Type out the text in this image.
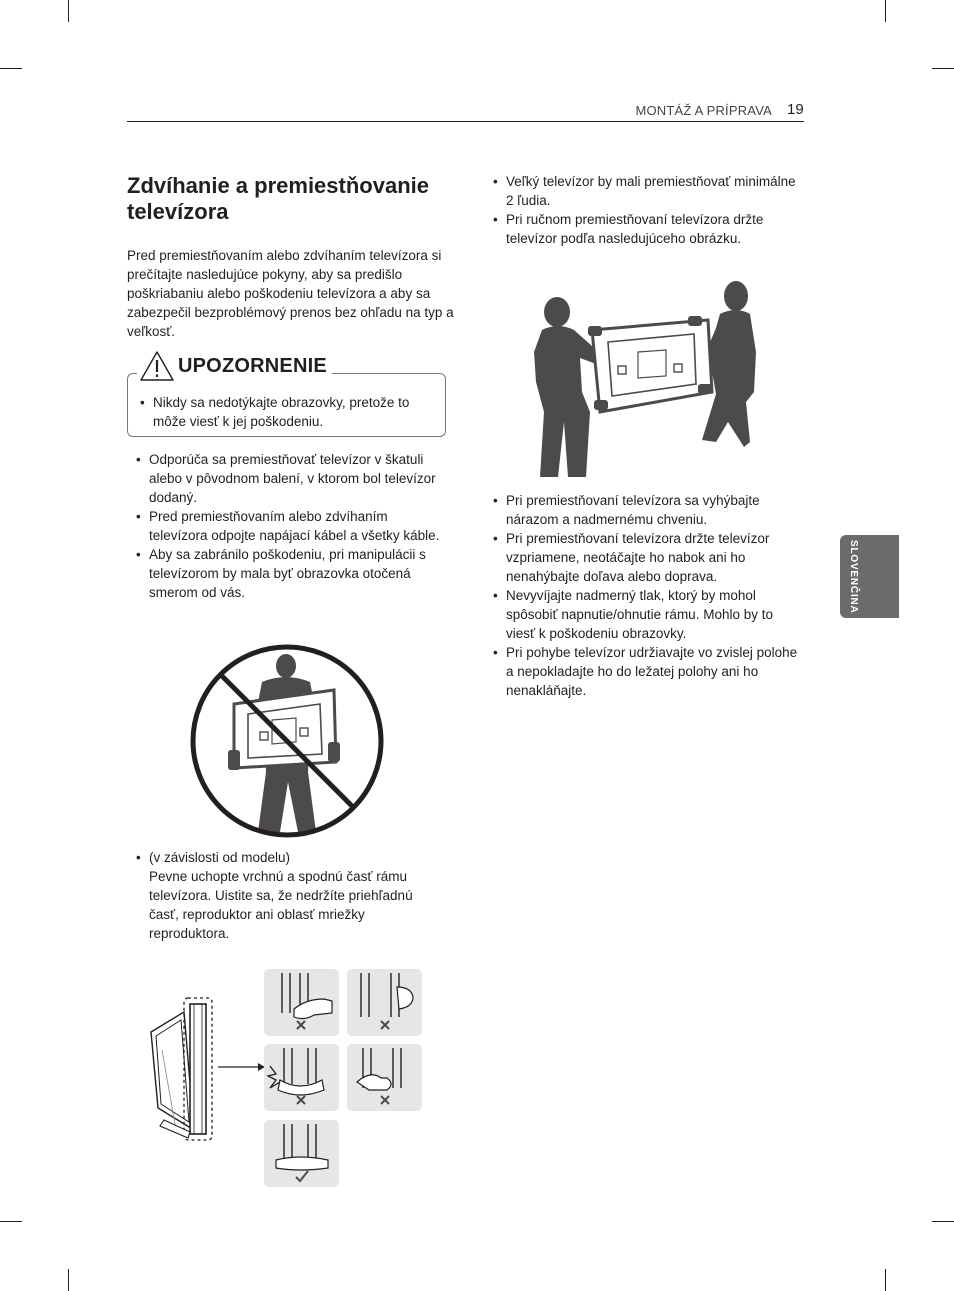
MONTÁŽ A PRÍPRAVA 19
Zdvíhanie a premiestňovanie televízora

Pred premiestňovaním alebo zdvíhaním televízora si prečítajte nasledujúce pokyny, aby sa predišlo poškriabaniu alebo poškodeniu televízora a aby sa zabezpečil bezproblémový prenos bez ohľadu na typ a veľkosť.

UPOZORNENIE
• Nikdy sa nedotýkajte obrazovky, pretože to môže viesť k jej poškodeniu.
• Odporúča sa premiestňovať televízor v škatuli alebo v pôvodnom balení, v ktorom bol televízor dodaný.
• Pred premiestňovaním alebo zdvíhaním televízora odpojte napájací kábel a všetky káble.
• Aby sa zabránilo poškodeniu, pri manipulácii s televízorom by mala byť obrazovka otočená smerom od vás.
• (v závislosti od modelu)
Pevne uchopte vrchnú a spodnú časť rámu televízora. Uistite sa, že nedržíte priehľadnú časť, reproduktor ani oblasť mriežky reproduktora.
• Veľký televízor by mali premiestňovať minimálne 2 ľudia.
• Pri ručnom premiestňovaní televízora držte televízor podľa nasledujúceho obrázku.
• Pri premiestňovaní televízora sa vyhýbajte nárazom a nadmernému chveniu.
• Pri premiestňovaní televízora držte televízor vzpriamene, neotáčajte ho nabok ani ho nenahýbajte doľava alebo doprava.
• Nevyvíjajte nadmerný tlak, ktorý by mohol spôsobiť napnutie/ohnutie rámu. Mohlo by to viesť k poškodeniu obrazovky.
• Pri pohybe televízor udržiavajte vo zvislej polohe a nepokladajte ho do ležatej polohy ani ho nenakláňajte.
SLOVENČINA
